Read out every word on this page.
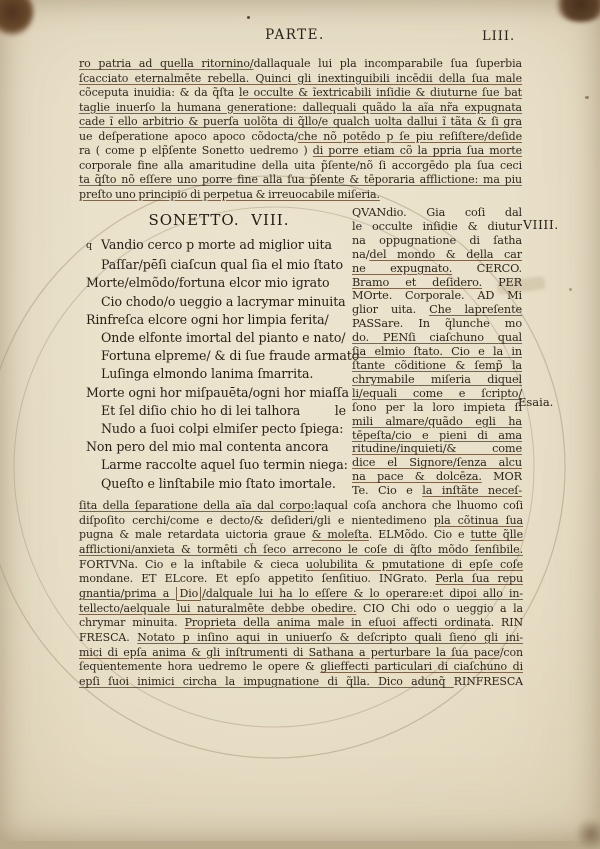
PARTE.	LIII.
ro patria ad quella ritornino/dallaquale lui pla incomparabile ſua ſuperbia
ſcacciato eternalmēte rebella. Quinci gli inextinguibili incēdii della ſua male
cõceputa inuidia: & da q̃ſta le occulte & ĩextricabili inſidie & diuturne ſue bat
taglie inuerſo la humana generatione: dallequali quãdo la aĩa nr̃a expugnata
cade ĩ ello arbitrio & puerſa uolõta di q̃llo/e qualch uolta dallui ĩ tãta & ſi gra
ue deſperatione apoco apoco cõdocta/che nõ potēdo p ſe piu reſiſtere/deſide
ra ( come p elp̃ſente Sonetto uedremo ) di porre etiam cõ la ppria ſua morte
corporale fine alla amaritudine della uita p̃ſente/nõ ſi accorgēdo pla ſua ceci
ta q̃ſto nõ eſſere uno porre fine alla ſua p̃ſente & tēporaria afflictione: ma piu
preſto uno principio di perpetua & irreuocabile miſeria.
SONETTO.  VIII.
q Vandio cerco p morte ad miglior uita
Paſſar/pēſi ciaſcun qual ſia el mio ſtato
Morte/elmõdo/fortuna elcor mio igrato
Cio chodo/o ueggio a lacrymar minuita
Rinfreſca elcore ogni hor limpia ferita/
Onde elfonte imortal del pianto e nato/
Fortuna elpreme/ & di ſue fraude armato
Luſinga elmondo lanima ſmarrita.
Morte ogni hor miſpauēta/ogni hor miaſſa
Et ſel diſio chio ho di lei talhora	le
Nudo a ſuoi colpi elmiſer pecto ſpiega:
Non pero del mio mal contenta ancora
Larme raccolte aquel ſuo termin niega:
Queſto e linſtabile mio ſtato imortale.
QVANdio. Gia coſi dal
le occulte inſidie & diutur
na oppugnatione di ſatha
na/del mondo & della car
ne expugnato. CERCO.
Bramo et deſidero. PER
MOrte. Corporale. AD Mi
glior uita. Che lapreſente
PASSare. In q̃lunche mo
do. PENſi ciaſchuno qual
ſia elmio ſtato. Cio e la in
ſtante cõditione & ſemp̃ la
chrymabile miſeria diquel
li/equali come e ſcripto/
ſono per la loro impieta ſi
mili almare/quãdo egli ha
tēpeſta/cio e pieni di ama
ritudine/inquieti/& come
dice el Signore/ſenza alcu
na pace & dolcēza. MOR
Te. Cio e la inſtãte neceſ-
VIIII.
Esaia.
ſita della ſeparatione della aĩa dal corpo:laqual coſa anchora che lhuomo coſi
diſpoſito cerchi/come e decto/& deſideri/gli e nientedimeno pla cõtinua ſua
pugna & male retardata uictoria graue & moleſta. ELMõdo. Cio e tutte q̃lle
afflictioni/anxieta & tormēti ch̃ ſeco arrecono le coſe di q̃ſto mõdo ſenſibile.
FORTVNa. Cio e la inſtabile & cieca uolubilita & pmutatione di epſe coſe
mondane. ET ELcore. Et epſo appetito ſenſitiuo. INGrato. Perla ſua repu
gnantia/prima a Dio /dalquale lui ha lo eſſere & lo operare:et dipoi allo in-
tellecto/aelquale lui naturalmēte debbe obedire. CIO Chi odo o ueggio a la
chrymar minuita. Proprieta della anima male in eſuoi affecti ordinata. RIN
FRESCA. Notato p inſino aqui in uniuerſo & deſcripto quali ſieno gli ini-
mici di epſa anima & gli inſtrumenti di Sathana a perturbare la ſua pace/con
ſequentemente hora uedremo le opere & glieffecti particulari di ciaſchuno di
epſi ſuoi inimici circha la impugnatione di q̃lla. Dico adunq̃ RINFRESCA
